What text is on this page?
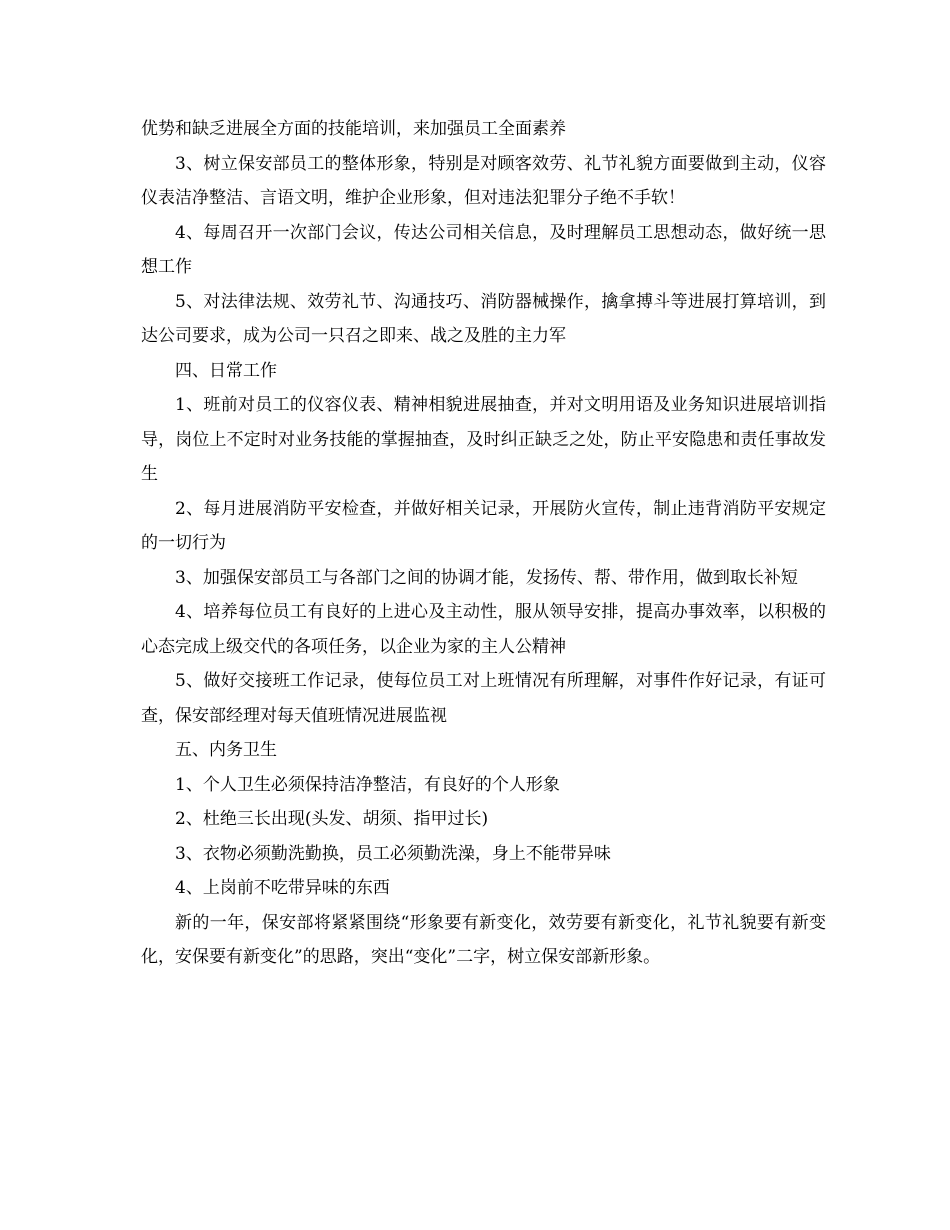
优势和缺乏进展全方面的技能培训，来加强员工全面素养

3、树立保安部员工的整体形象，特别是对顾客效劳、礼节礼貌方面要做到主动，仪容仪表洁净整洁、言语文明，维护企业形象，但对违法犯罪分子绝不手软！

4、每周召开一次部门会议，传达公司相关信息，及时理解员工思想动态，做好统一思想工作

5、对法律法规、效劳礼节、沟通技巧、消防器械操作，擒拿搏斗等进展打算培训，到达公司要求，成为公司一只召之即来、战之及胜的主力军

四、日常工作

1、班前对员工的仪容仪表、精神相貌进展抽查，并对文明用语及业务知识进展培训指导，岗位上不定时对业务技能的掌握抽查，及时纠正缺乏之处，防止平安隐患和责任事故发生

2、每月进展消防平安检查，并做好相关记录，开展防火宣传，制止违背消防平安规定的一切行为

3、加强保安部员工与各部门之间的协调才能，发扬传、帮、带作用，做到取长补短

4、培养每位员工有良好的上进心及主动性，服从领导安排，提高办事效率，以积极的心态完成上级交代的各项任务，以企业为家的主人公精神

5、做好交接班工作记录，使每位员工对上班情况有所理解，对事件作好记录，有证可查，保安部经理对每天值班情况进展监视

五、内务卫生

1、个人卫生必须保持洁净整洁，有良好的个人形象

2、杜绝三长出现(头发、胡须、指甲过长)

3、衣物必须勤洗勤换，员工必须勤洗澡，身上不能带异味

4、上岗前不吃带异味的东西

新的一年，保安部将紧紧围绕“形象要有新变化，效劳要有新变化，礼节礼貌要有新变化，安保要有新变化”的思路，突出“变化”二字，树立保安部新形象。
